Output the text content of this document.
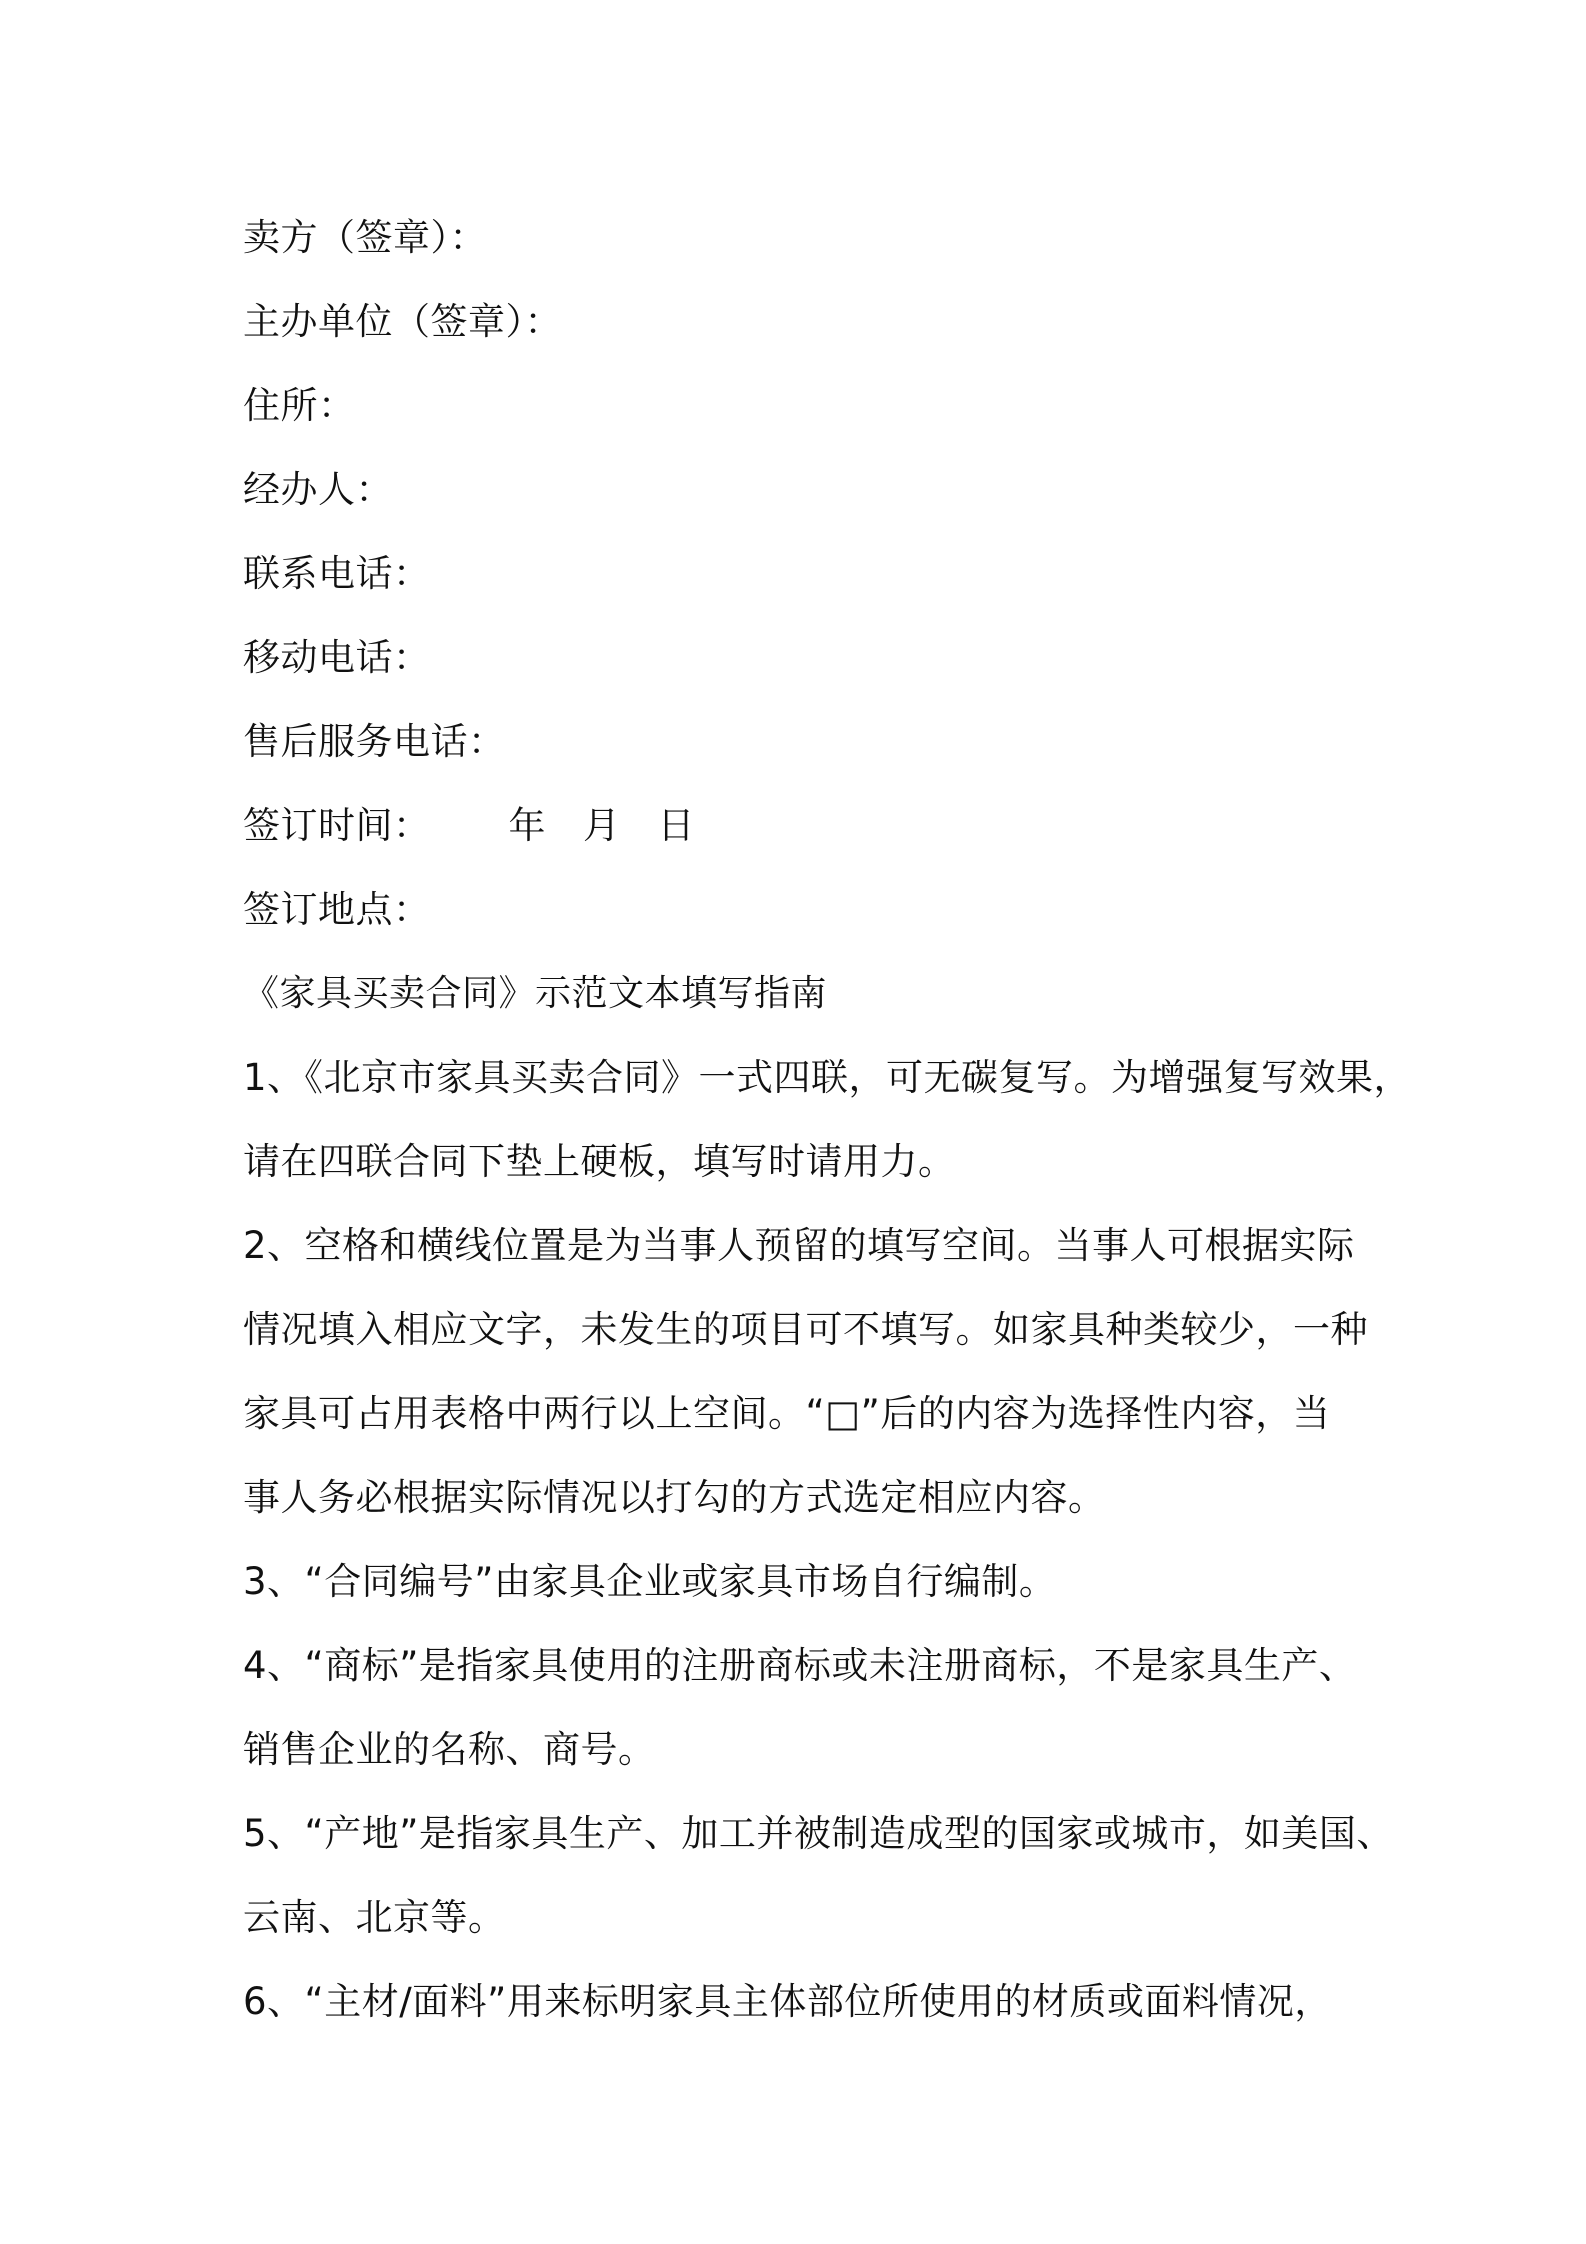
卖方（签章）：
主办单位（签章）：
住所：
经办人：
联系电话：
移动电话：
售后服务电话：
签订时间： 年 月 日
签订地点：
《家具买卖合同》示范文本填写指南
1、《北京市家具买卖合同》一式四联，可无碳复写。为增强复写效果，
请在四联合同下垫上硬板，填写时请用力。
2、空格和横线位置是为当事人预留的填写空间。当事人可根据实际
情况填入相应文字，未发生的项目可不填写。如家具种类较少，一种
家具可占用表格中两行以上空间。“□”后的内容为选择性内容，当
事人务必根据实际情况以打勾的方式选定相应内容。
3、“合同编号”由家具企业或家具市场自行编制。
4、“商标”是指家具使用的注册商标或未注册商标，不是家具生产、
销售企业的名称、商号。
5、“产地”是指家具生产、加工并被制造成型的国家或城市，如美国、
云南、北京等。
6、“主材/面料”用来标明家具主体部位所使用的材质或面料情况，
